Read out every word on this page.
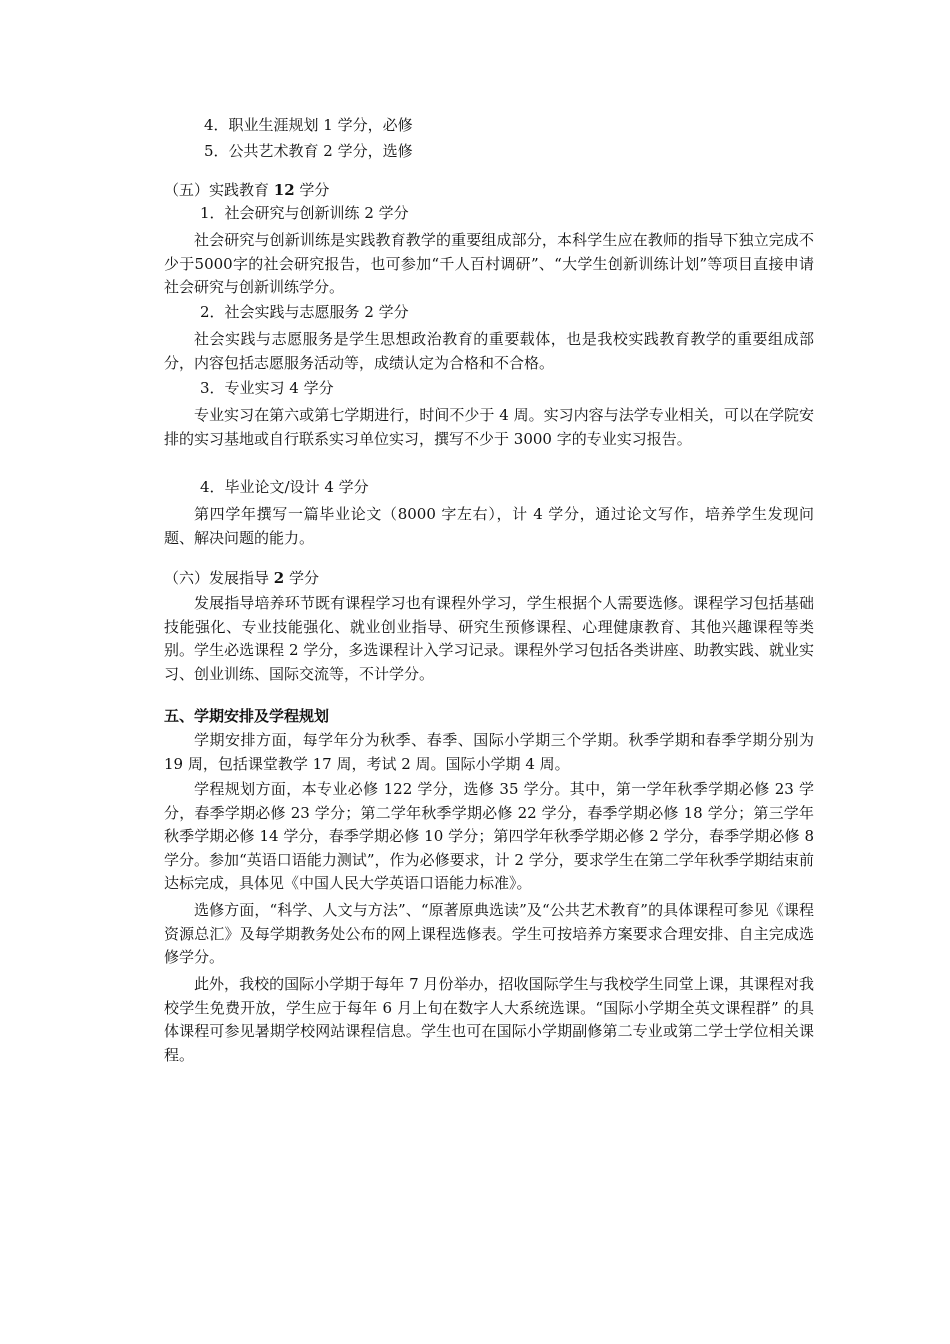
4．职业生涯规划 1 学分，必修
5．公共艺术教育 2 学分，选修
（五）实践教育 12 学分
1．社会研究与创新训练 2 学分
社会研究与创新训练是实践教育教学的重要组成部分，本科学生应在教师的指导下独立完成不少于5000字的社会研究报告，也可参加“千人百村调研”、“大学生创新训练计划”等项目直接申请社会研究与创新训练学分。
2．社会实践与志愿服务 2 学分
社会实践与志愿服务是学生思想政治教育的重要载体，也是我校实践教育教学的重要组成部分，内容包括志愿服务活动等，成绩认定为合格和不合格。
3．专业实习 4 学分
专业实习在第六或第七学期进行，时间不少于 4 周。实习内容与法学专业相关，可以在学院安排的实习基地或自行联系实习单位实习，撰写不少于 3000 字的专业实习报告。
4．毕业论文/设计 4 学分
第四学年撰写一篇毕业论文（8000 字左右），计 4 学分，通过论文写作，培养学生发现问题、解决问题的能力。
（六）发展指导 2 学分
发展指导培养环节既有课程学习也有课程外学习，学生根据个人需要选修。课程学习包括基础技能强化、专业技能强化、就业创业指导、研究生预修课程、心理健康教育、其他兴趣课程等类别。学生必选课程 2 学分，多选课程计入学习记录。课程外学习包括各类讲座、助教实践、就业实习、创业训练、国际交流等，不计学分。
五、学期安排及学程规划
学期安排方面，每学年分为秋季、春季、国际小学期三个学期。秋季学期和春季学期分别为 19 周，包括课堂教学 17 周，考试 2 周。国际小学期 4 周。
学程规划方面，本专业必修 122 学分，选修 35 学分。其中，第一学年秋季学期必修 23 学分，春季学期必修 23 学分；第二学年秋季学期必修 22 学分，春季学期必修 18 学分；第三学年秋季学期必修 14 学分，春季学期必修 10 学分；第四学年秋季学期必修 2 学分，春季学期必修 8 学分。参加“英语口语能力测试”，作为必修要求，计 2 学分，要求学生在第二学年秋季学期结束前达标完成，具体见《中国人民大学英语口语能力标准》。
选修方面，“科学、人文与方法”、“原著原典选读”及“公共艺术教育”的具体课程可参见《课程资源总汇》及每学期教务处公布的网上课程选修表。学生可按培养方案要求合理安排、自主完成选修学分。
此外，我校的国际小学期于每年 7 月份举办，招收国际学生与我校学生同堂上课，其课程对我校学生免费开放，学生应于每年 6 月上旬在数字人大系统选课。“国际小学期全英文课程群” 的具体课程可参见暑期学校网站课程信息。学生也可在国际小学期副修第二专业或第二学士学位相关课程。
